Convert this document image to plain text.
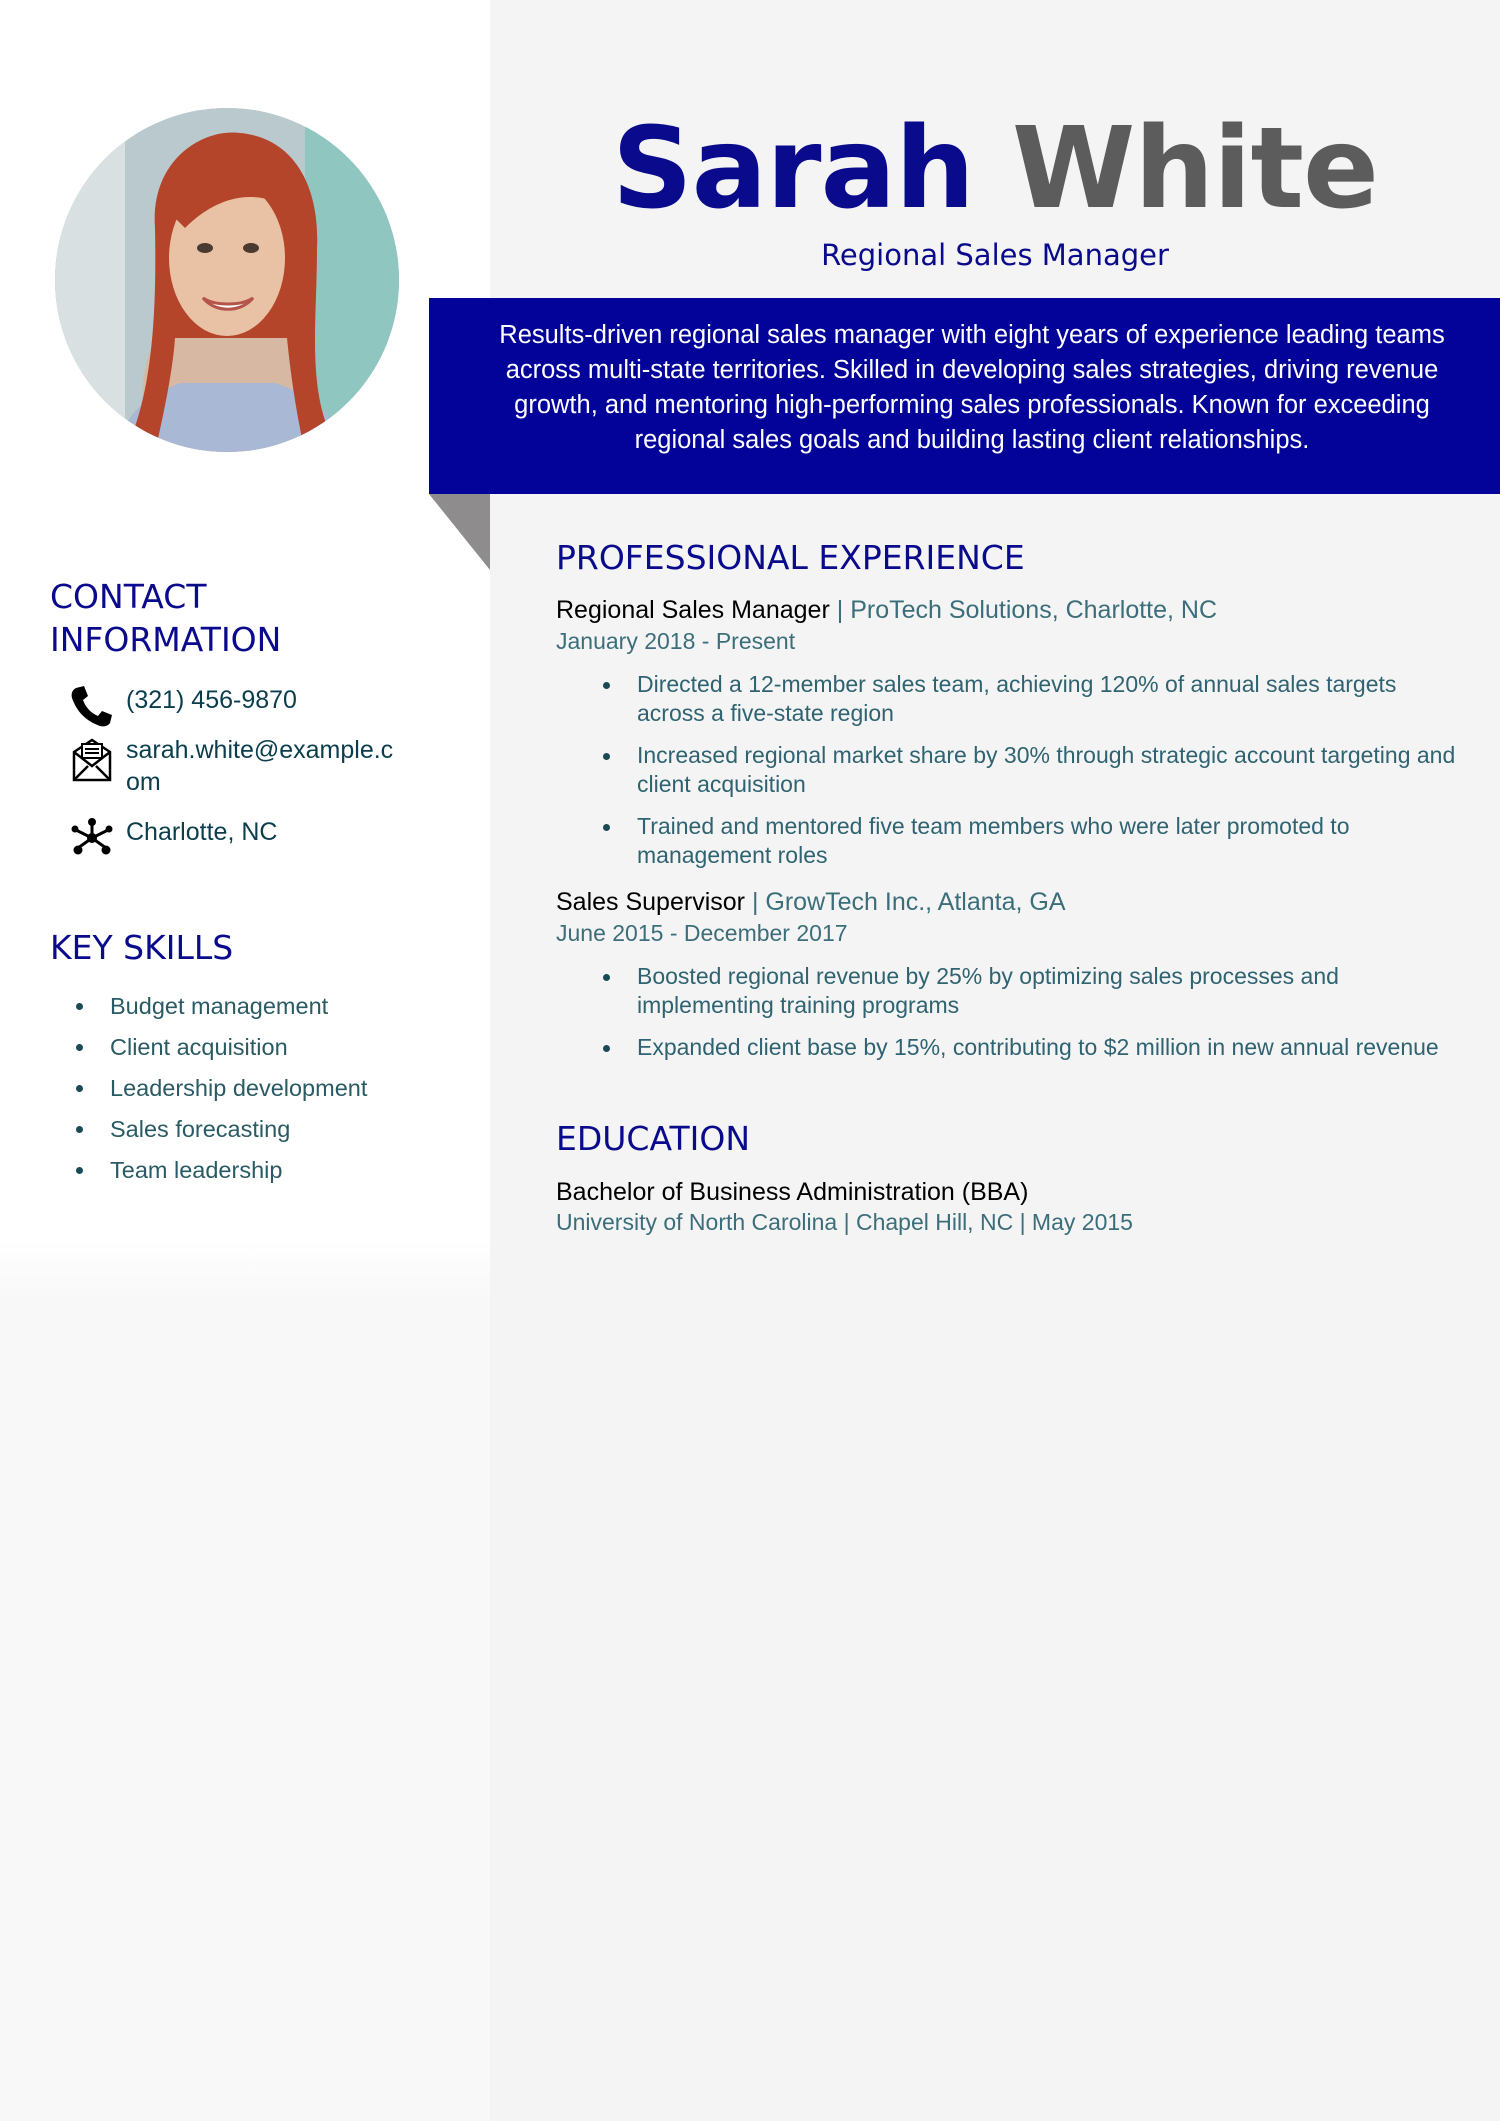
Sarah White
Regional Sales Manager
Results-driven regional sales manager with eight years of experience leading teams across multi-state territories. Skilled in developing sales strategies, driving revenue growth, and mentoring high-performing sales professionals. Known for exceeding regional sales goals and building lasting client relationships.
CONTACT INFORMATION
(321) 456-9870
sarah.white@example.com
Charlotte, NC
KEY SKILLS
Budget management
Client acquisition
Leadership development
Sales forecasting
Team leadership
PROFESSIONAL EXPERIENCE
Regional Sales Manager | ProTech Solutions, Charlotte, NC
January 2018 - Present
Directed a 12-member sales team, achieving 120% of annual sales targets across a five-state region
Increased regional market share by 30% through strategic account targeting and client acquisition
Trained and mentored five team members who were later promoted to management roles
Sales Supervisor | GrowTech Inc., Atlanta, GA
June 2015 - December 2017
Boosted regional revenue by 25% by optimizing sales processes and implementing training programs
Expanded client base by 15%, contributing to $2 million in new annual revenue
EDUCATION
Bachelor of Business Administration (BBA)
University of North Carolina | Chapel Hill, NC | May 2015
